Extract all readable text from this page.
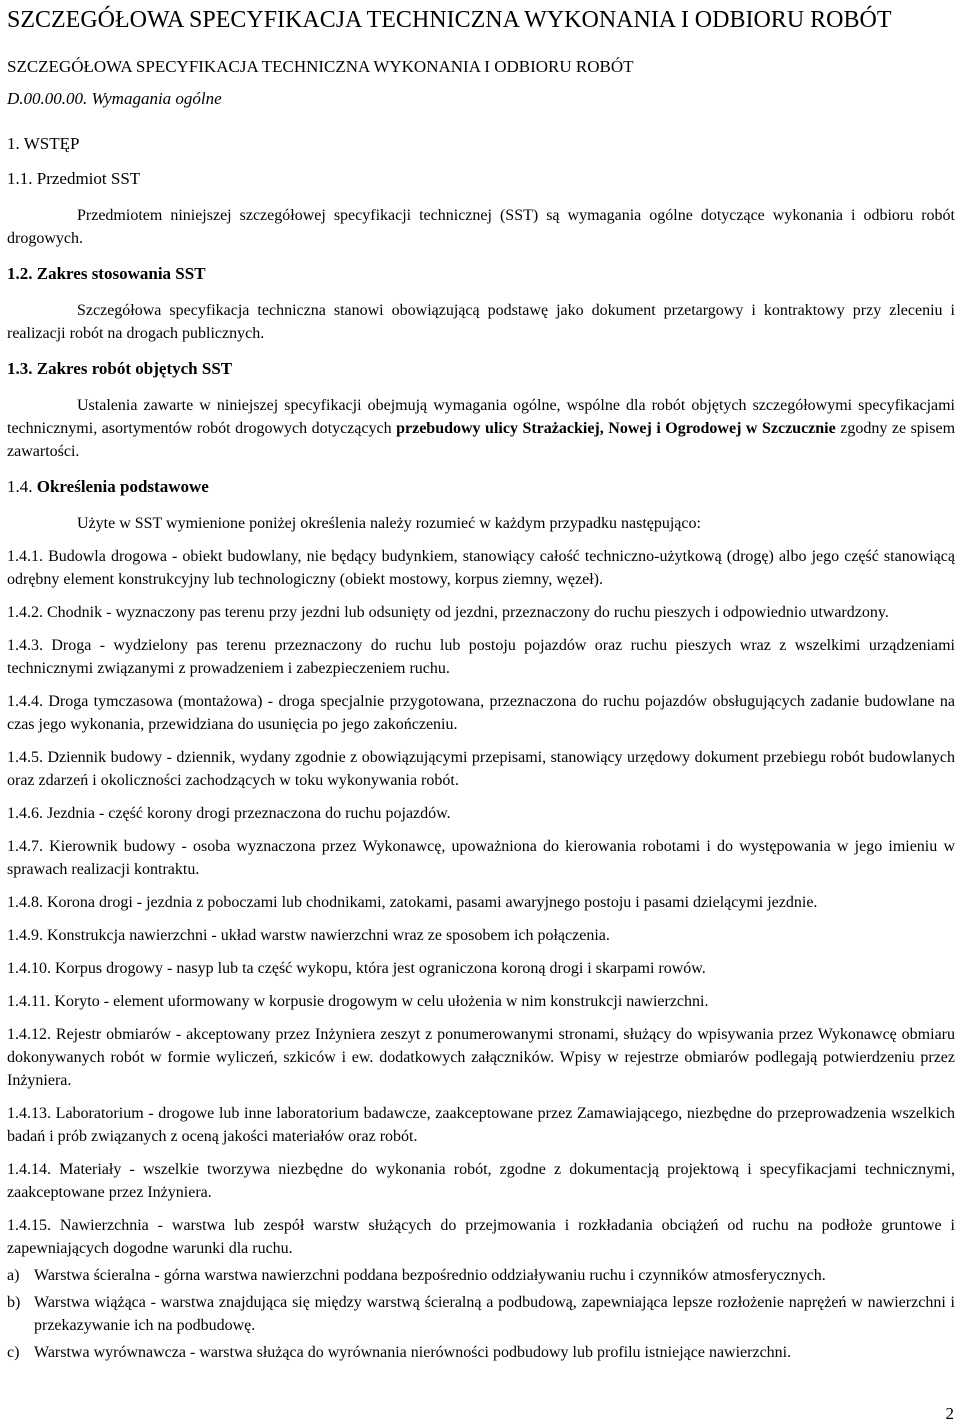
SZCZEGÓŁOWA SPECYFIKACJA TECHNICZNA WYKONANIA I ODBIORU ROBÓT
SZCZEGÓŁOWA SPECYFIKACJA TECHNICZNA WYKONANIA I ODBIORU ROBÓT
D.00.00.00. Wymagania ogólne
1. WSTĘP
1.1. Przedmiot SST

Przedmiotem niniejszej szczegółowej specyfikacji technicznej (SST) są wymagania ogólne dotyczące wykonania i odbioru robót drogowych.

1.2. Zakres stosowania SST

Szczegółowa specyfikacja techniczna stanowi obowiązującą podstawę jako dokument przetargowy i kontraktowy przy zleceniu i realizacji robót na drogach publicznych.

1.3. Zakres robót objętych SST

Ustalenia zawarte w niniejszej specyfikacji obejmują wymagania ogólne, wspólne dla robót objętych szczegółowymi specyfikacjami technicznymi, asortymentów robót drogowych dotyczących przebudowy ulicy Strażackiej, Nowej i Ogrodowej w Szczucznie zgodny ze spisem zawartości.

1.4. Określenia podstawowe

Użyte w SST wymienione poniżej określenia należy rozumieć w każdym przypadku następująco:

1.4.1. Budowla drogowa - obiekt budowlany, nie będący budynkiem, stanowiący całość techniczno-użytkową (drogę) albo jego część stanowiącą odrębny element konstrukcyjny lub technologiczny (obiekt mostowy, korpus ziemny, węzeł).

1.4.2. Chodnik - wyznaczony pas terenu przy jezdni lub odsunięty od jezdni, przeznaczony do ruchu pieszych i odpowiednio utwardzony.

1.4.3. Droga - wydzielony pas terenu przeznaczony do ruchu lub postoju pojazdów oraz ruchu pieszych wraz z wszelkimi urządzeniami technicznymi związanymi z prowadzeniem i zabezpieczeniem ruchu.

1.4.4. Droga tymczasowa (montażowa) - droga specjalnie przygotowana, przeznaczona do ruchu pojazdów obsługujących zadanie budowlane na czas jego wykonania, przewidziana do usunięcia po jego zakończeniu.

1.4.5. Dziennik budowy - dziennik, wydany zgodnie z obowiązującymi przepisami, stanowiący urzędowy dokument przebiegu robót budowlanych oraz zdarzeń i okoliczności zachodzących w toku wykonywania robót.

1.4.6. Jezdnia - część korony drogi przeznaczona do ruchu pojazdów.

1.4.7. Kierownik budowy - osoba wyznaczona przez Wykonawcę, upoważniona do kierowania robotami i do występowania w jego imieniu w sprawach realizacji kontraktu.

1.4.8. Korona drogi - jezdnia z poboczami lub chodnikami, zatokami, pasami awaryjnego postoju i pasami dzielącymi jezdnie.

1.4.9. Konstrukcja nawierzchni - układ warstw nawierzchni wraz ze sposobem ich połączenia.

1.4.10. Korpus drogowy - nasyp lub ta część wykopu, która jest ograniczona koroną drogi i skarpami rowów.

1.4.11. Koryto - element uformowany w korpusie drogowym w celu ułożenia w nim konstrukcji nawierzchni.

1.4.12. Rejestr obmiarów - akceptowany przez Inżyniera zeszyt z ponumerowanymi stronami, służący do wpisywania przez Wykonawcę obmiaru dokonywanych robót w formie wyliczeń, szkiców i ew. dodatkowych załączników. Wpisy w rejestrze obmiarów podlegają potwierdzeniu przez Inżyniera.

1.4.13. Laboratorium - drogowe lub inne laboratorium badawcze, zaakceptowane przez Zamawiającego, niezbędne do przeprowadzenia wszelkich badań i prób związanych z oceną jakości materiałów oraz robót.

1.4.14. Materiały - wszelkie tworzywa niezbędne do wykonania robót, zgodne z dokumentacją projektową i specyfikacjami technicznymi, zaakceptowane przez Inżyniera.

1.4.15. Nawierzchnia - warstwa lub zespół warstw służących do przejmowania i rozkładania obciążeń od ruchu na podłoże gruntowe i zapewniających dogodne warunki dla ruchu.

a) Warstwa ścieralna - górna warstwa nawierzchni poddana bezpośrednio oddziaływaniu ruchu i czynników atmosferycznych.
b) Warstwa wiążąca - warstwa znajdująca się między warstwą ścieralną a podbudową, zapewniająca lepsze rozłożenie naprężeń w nawierzchni i przekazywanie ich na podbudowę.
c) Warstwa wyrównawcza - warstwa służąca do wyrównania nierówności podbudowy lub profilu istniejące nawierzchni.
2
